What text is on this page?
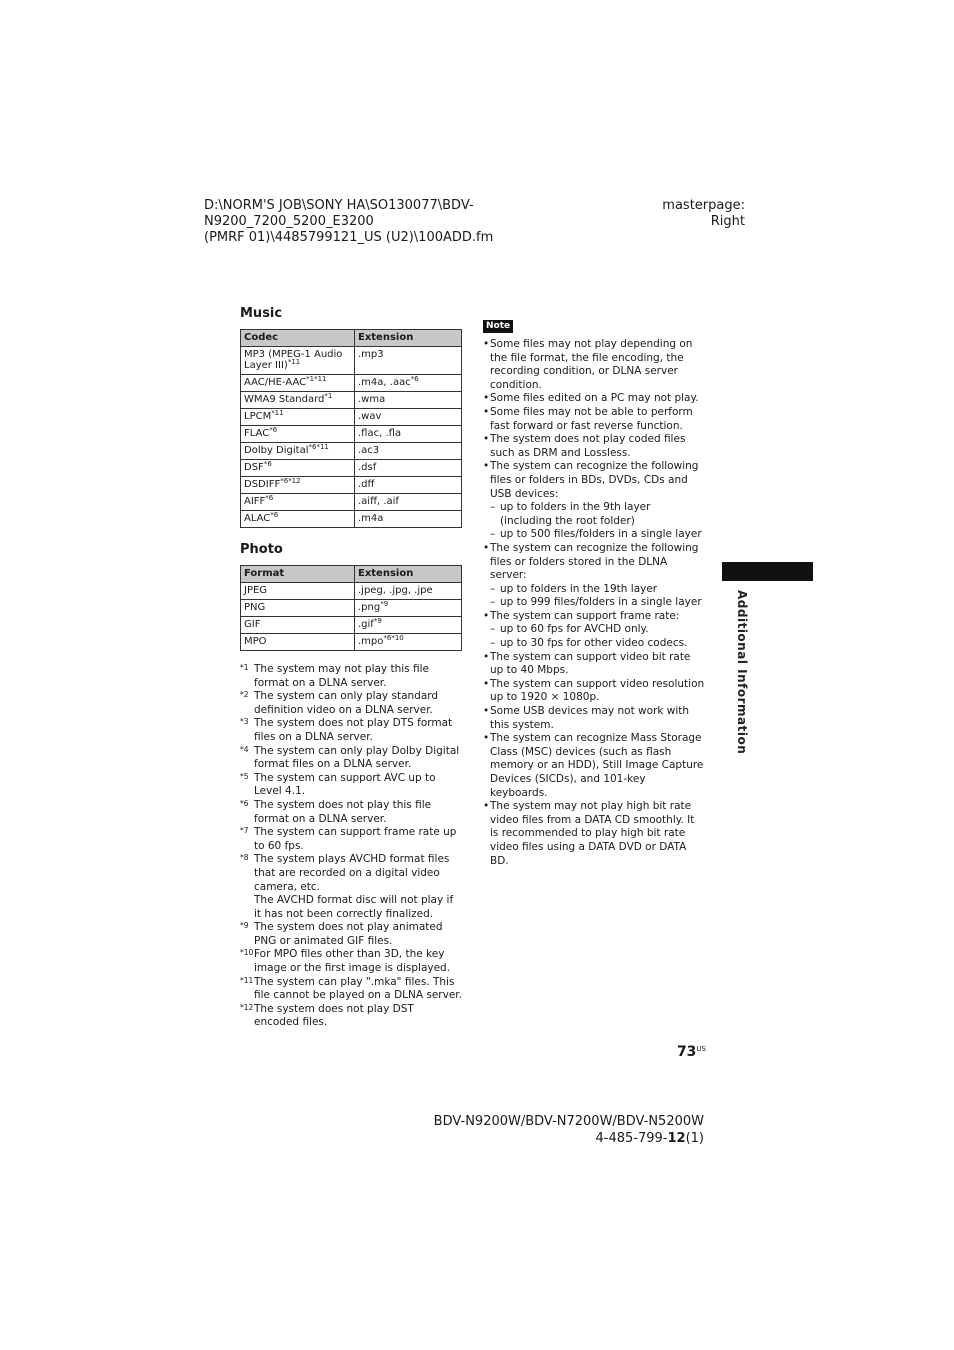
D:\NORM'S JOB\SONY HA\SO130077\BDV-N9200_7200_5200_E3200
(PMRF 01)\4485799121_US (U2)\100ADD.fm
masterpage:
Right
Music
Codec	Extension
MP3 (MPEG-1 Audio Layer III)$^{*11}$	.mp3
AAC/$HE-AAC^{*1*11}$	.m4a, .aac$^{*6}$
WMA9 Standard$^{*1}$	.wma
LPCM$^{*11}$	.wav
FLAC$^{*6}$	.flac, .fla
Dolby Digital$^{*6*11}$	.ac3
DSF$^{*6}$	.dsf
$DSDIFF^{*6*12}$	.dff
AIFF$^{*6}$	.aiff, .aif
ALAC$^{*6}$	.m4a
Photo
Format	Extension
JPEG	.jpeg, .jpg, .jpe
PNG	.png$^{*9}$
GIF	.gif$^{*9}$
MPO	.mpo$^{*6*10}$
*1 The system may not play this file format on a DLNA server.
*2 The system can only play standard definition video on a DLNA server.
*3 The system does not play DTS format files on a DLNA server.
*4 The system can only play Dolby Digital format files on a DLNA server.
*5 The system can support AVC up to Level 4.1.
*6 The system does not play this file format on a DLNA server.
*7 The system can support frame rate up to 60 fps.
*8 The system plays AVCHD format files that are recorded on a digital video camera, etc.
The AVCHD format disc will not play if it has not been correctly finalized.
*9 The system does not play animated PNG or animated GIF files.
*10 For MPO files other than 3D, the key image or the first image is displayed.
*11 The system can play ".mka" files. This file cannot be played on a DLNA server.
*12 The system does not play DST encoded files.
Note
• Some files may not play depending on the file format, the file encoding, the recording condition, or DLNA server condition.
• Some files edited on a PC may not play.
• Some files may not be able to perform fast forward or fast reverse function.
• The system does not play coded files such as DRM and Lossless.
• The system can recognize the following files or folders in BDs, DVDs, CDs and USB devices:
– up to folders in the 9th layer (including the root folder)
– up to 500 files/folders in a single layer
• The system can recognize the following files or folders stored in the DLNA server:
– up to folders in the 19th layer
– up to 999 files/folders in a single layer
• The system can support frame rate:
– up to 60 fps for AVCHD only.
– up to 30 fps for other video codecs.
• The system can support video bit rate up to 40 Mbps.
• The system can support video resolution up to 1920 × 1080p.
• Some USB devices may not work with this system.
• The system can recognize Mass Storage Class (MSC) devices (such as flash memory or an HDD), Still Image Capture Devices (SICDs), and 101-key keyboards.
• The system may not play high bit rate video files from a DATA CD smoothly. It is recommended to play high bit rate video files using a DATA DVD or DATA BD.
Additional Information
$73^{US}$
BDV-N9200W/BDV-N7200W/BDV-N5200W
4-485-799-12(1)
